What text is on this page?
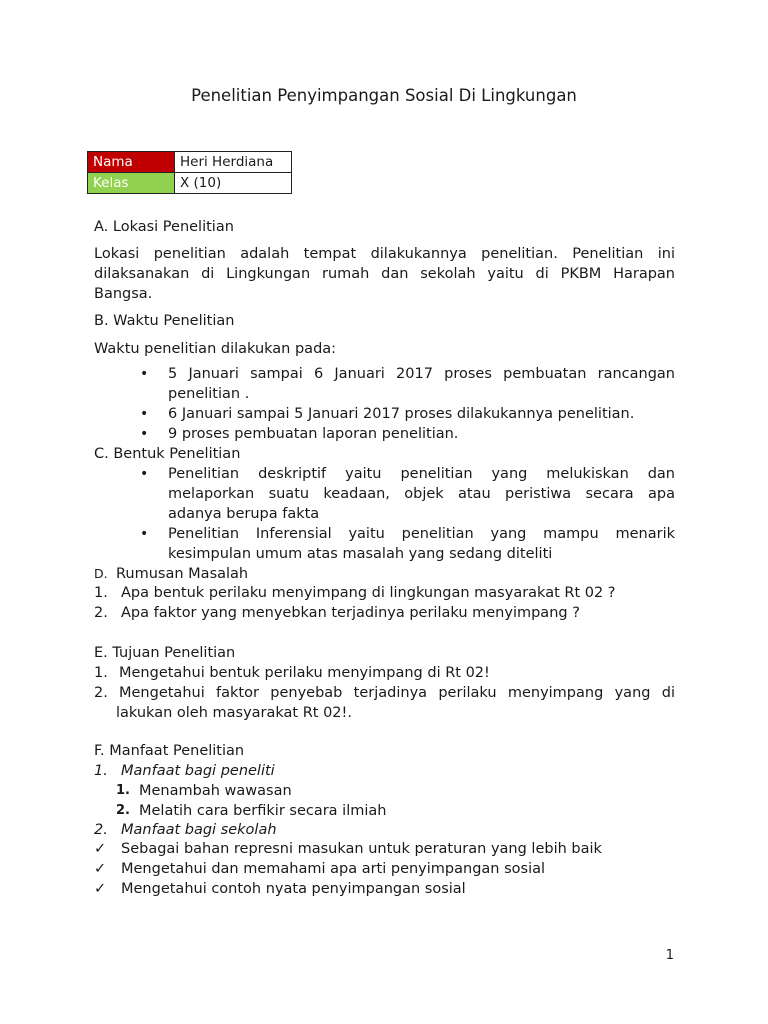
Penelitian Penyimpangan Sosial Di Lingkungan
Nama	Heri Herdiana
Kelas	X (10)
A. Lokasi Penelitian
Lokasi penelitian adalah tempat dilakukannya penelitian. Penelitian ini
dilaksanakan di Lingkungan rumah dan sekolah yaitu di PKBM Harapan
Bangsa.
B. Waktu Penelitian
Waktu penelitian dilakukan pada:
• 5 Januari sampai 6 Januari 2017 proses pembuatan rancangan
penelitian .
• 6 Januari sampai 5 Januari 2017 proses dilakukannya penelitian.
• 9 proses pembuatan laporan penelitian.
C. Bentuk Penelitian
• Penelitian deskriptif yaitu penelitian yang melukiskan dan
melaporkan suatu keadaan, objek atau peristiwa secara apa
adanya berupa fakta
• Penelitian Inferensial yaitu penelitian yang mampu menarik
kesimpulan umum atas masalah yang sedang diteliti
D. Rumusan Masalah
1. Apa bentuk perilaku menyimpang di lingkungan masyarakat Rt 02 ?
2. Apa faktor yang menyebkan terjadinya perilaku menyimpang ?
E. Tujuan Penelitian
1. Mengetahui bentuk perilaku menyimpang di Rt 02!
2. Mengetahui faktor penyebab terjadinya perilaku menyimpang yang di
lakukan oleh masyarakat Rt 02!.
F. Manfaat Penelitian
1. Manfaat bagi peneliti
1. Menambah wawasan
2. Melatih cara berfikir secara ilmiah
2. Manfaat bagi sekolah
✓ Sebagai bahan represni masukan untuk peraturan yang lebih baik
✓ Mengetahui dan memahami apa arti penyimpangan sosial
✓ Mengetahui contoh nyata penyimpangan sosial
1
